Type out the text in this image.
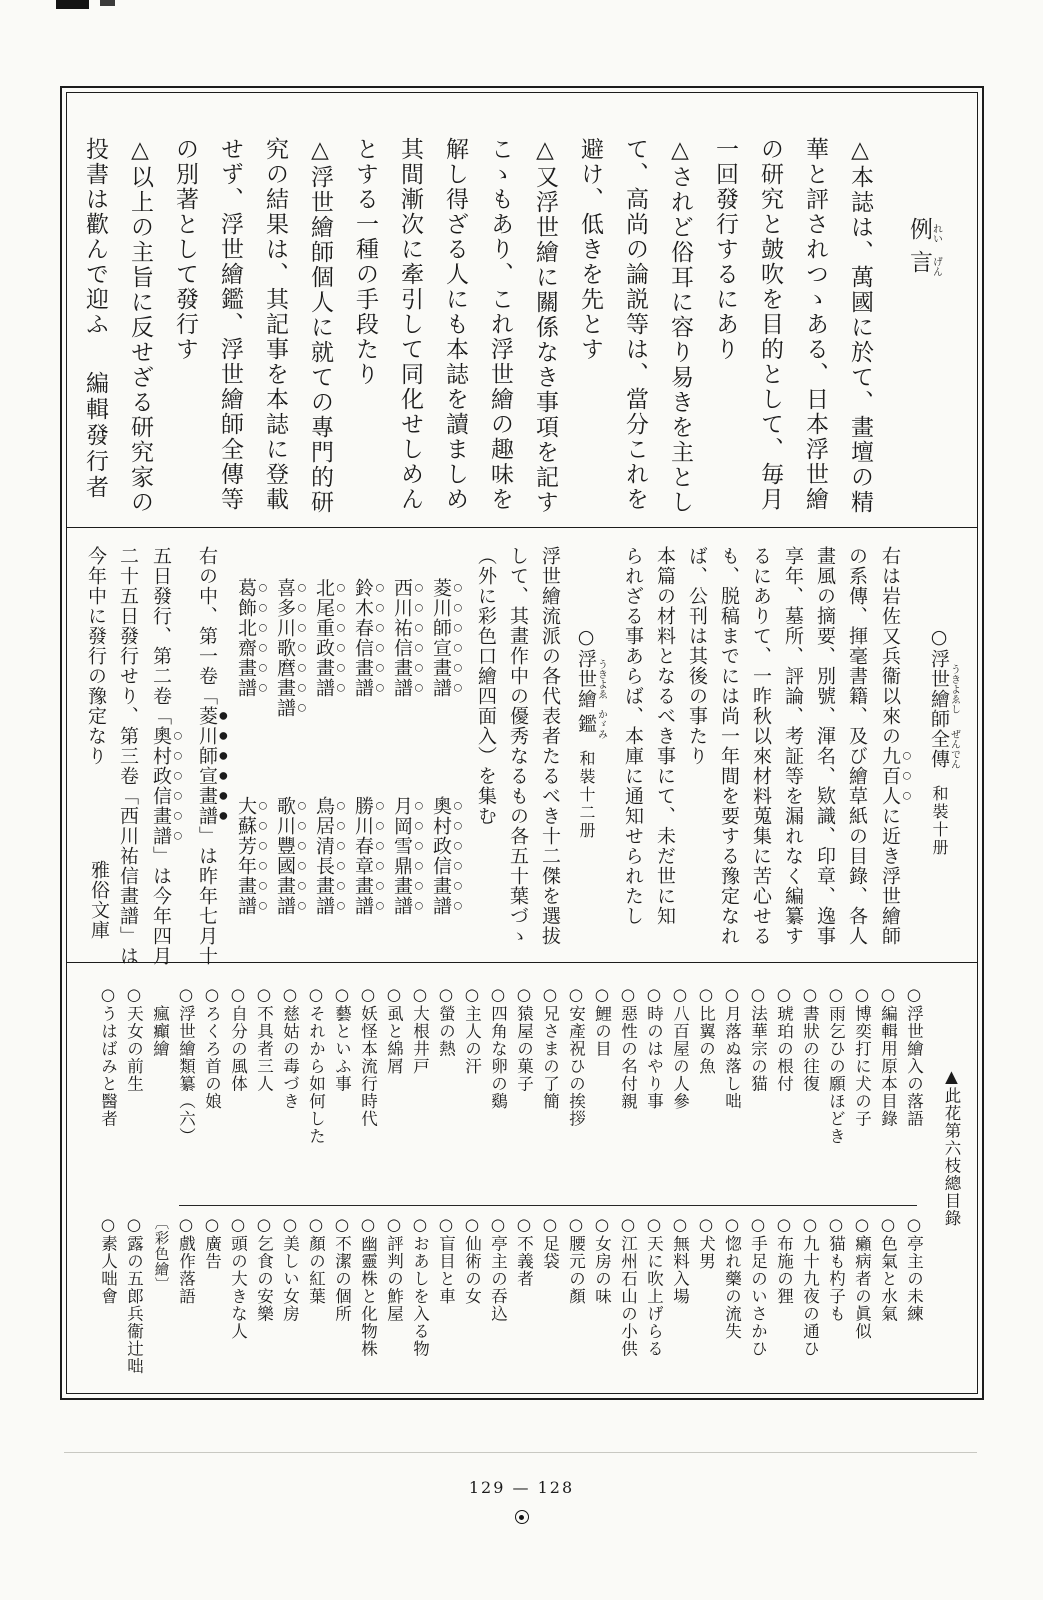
編輯發行者
例れい言げん
△本誌は、萬國に於て、畫壇の精
華と評されつゝある、日本浮世繪
の研究と皷吹を目的として、毎月
一回發行するにあり
△されど俗耳に容り易きを主とし
て、高尚の論説等は、當分これを
避け、低きを先とす
△又浮世繪に關係なき事項を記す
こゝもあり、これ浮世繪の趣味を
解し得ざる人にも本誌を讀ましめ
其間漸次に牽引して同化せしめん
とする一種の手段たり
△浮世繪師個人に就ての專門的研
究の結果は、其記事を本誌に登載
せず、浮世繪鑑、浮世繪師全傳等
の別著として發行す
△以上の主旨に反せざる研究家の
投書は歡んで迎ふ
雅俗文庫
○浮世繪師うきよゑし全傳ぜんでん和裝十册
右は岩佐又兵衞以來の九百人に近き浮世繪師
の系傳、揮毫書籍、及び繪草紙の目錄、各人
畫風の摘要、別號、渾名、欵識、印章、逸事
享年、墓所、評論、考証等を漏れなく編纂す
るにありて、一昨秋以來材料蒐集に苦心せる
も、脱稿までには尚一年間を要する豫定なれ
ば、公刊は其後の事たり
本篇の材料となるべき事にて、未だ世に知
られざる事あらば、本庫に通知せられたし
○浮世繪うきよゑ鑑かゞみ和裝十二册
浮世繪流派の各代表者たるべき十二傑を選拔
して、其畫作中の優秀なるもの各五十葉づゝ
（外に彩色口繪四面入）を集む
菱川師宣畫譜
奧村政信畫譜
西川祐信畫譜
月岡雪鼎畫譜
鈴木春信畫譜
勝川春章畫譜
北尾重政畫譜
鳥居清長畫譜
喜多川歌麿畫譜
歌川豐國畫譜
葛飾北齋畫譜
大蘇芳年畫譜
右の中、第一卷「菱川師宣畫譜」は昨年七月十
五日發行、第二卷「奧村政信畫譜」は今年四月
二十五日發行せり、第三卷「西川祐信畫譜」は
今年中に發行の豫定なり
▲此花第六枝總目錄
○浮世繪入の落語
○亭主の未練
○編輯用原本目錄
○色氣と水氣
○博奕打に犬の子
○癩病者の眞似
○雨乞ひの願ほどき
○猫も杓子も
○書狀の往復
○九十九夜の通ひ
○琥珀の根付
○布施の狸
○法華宗の猫
○手足のいさかひ
○月落ぬ落し咄
○惚れ藥の流失
○比翼の魚
○犬男
○八百屋の人參
○無料入場
○時のはやり事
○天に吹上げらる
○惡性の名付親
○江州石山の小供
○鯉の目
○女房の味
○安產祝ひの挨拶
○腰元の顏
○兄さまの了簡
○足袋
○猿屋の菓子
○不義者
○四角な卵の鷄
○亭主の吞込
○主人の汗
○仙術の女
○螢の熱
○盲目と車
○大根井戸
○おあしを入る物
○虱と綿屑
○評判の鮓屋
○妖怪本流行時代
○幽靈株と化物株
○藝といふ事
○不潔の個所
○それから如何した
○顏の紅葉
○慈姑の毒づき
○美しい女房
○不具者三人
○乞食の安樂
○自分の風体
○頭の大きな人
○ろくろ首の娘
○廣告
○浮世繪類纂（六）
○戲作落語
瘋癲繪
〔彩色繪〕
○天女の前生
○露の五郎兵衞辻咄
○うはばみと醫者
○素人咄會
129 — 128
